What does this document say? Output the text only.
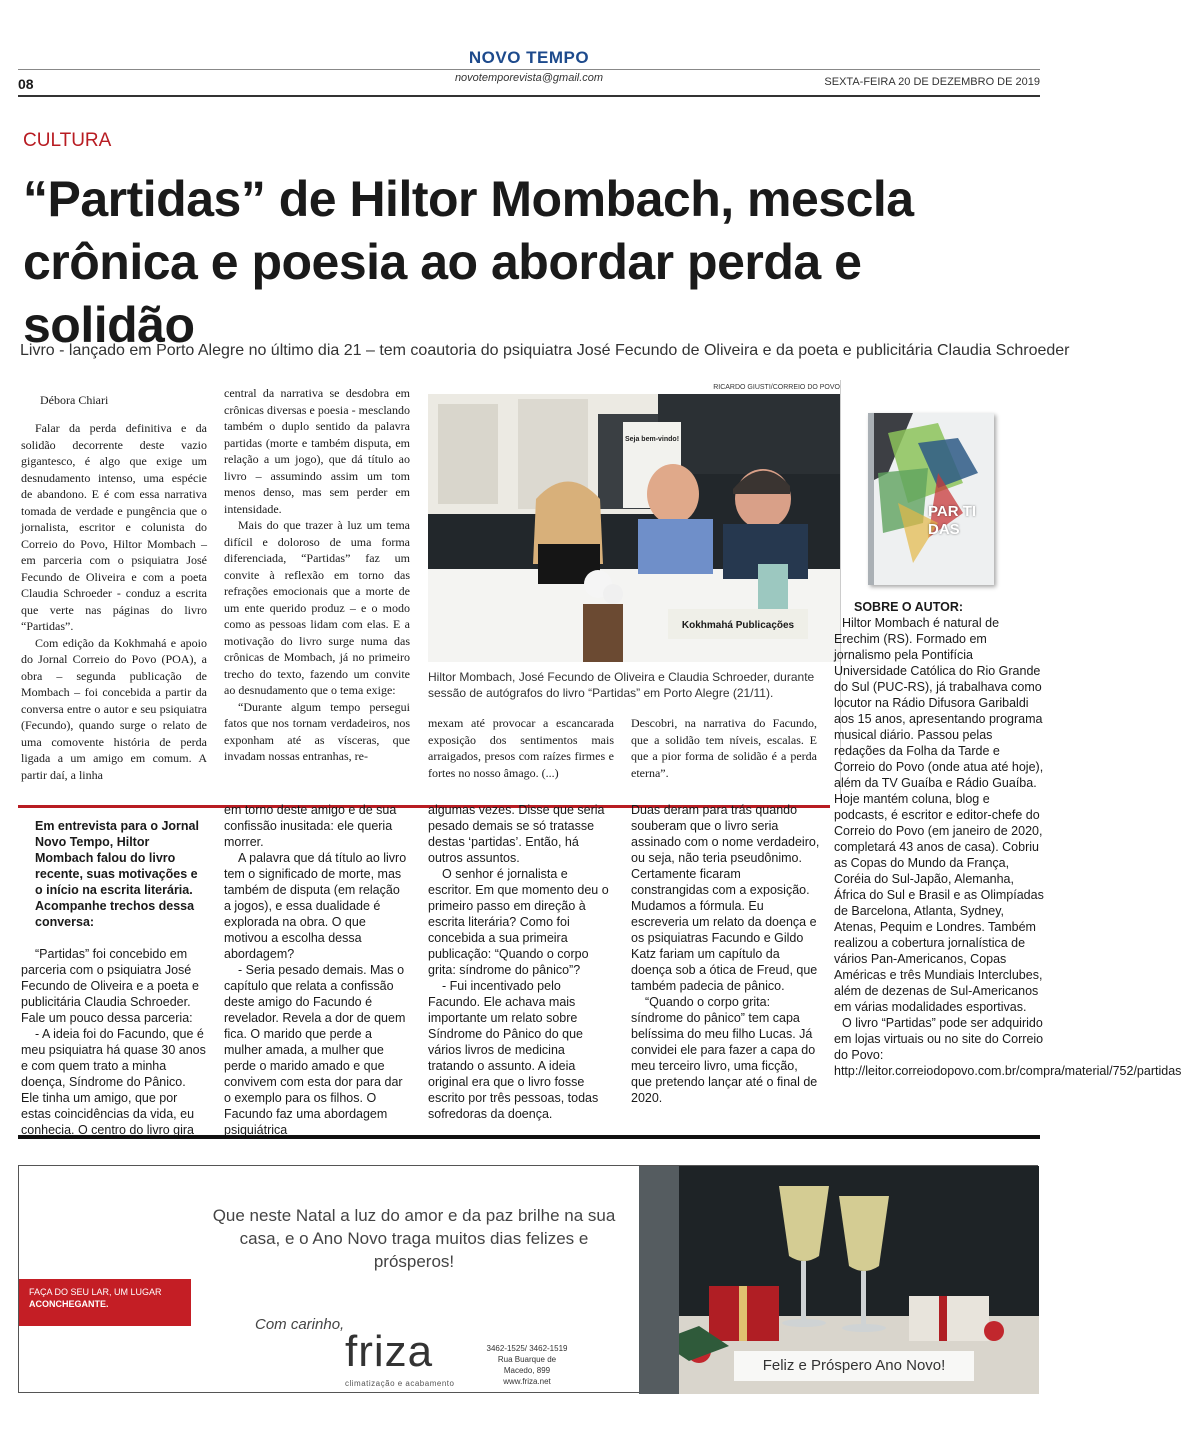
NOVO TEMPO
novotemporevista@gmail.com
08	SEXTA-FEIRA 20 DE DEZEMBRO DE 2019
CULTURA
“Partidas” de Hiltor Mombach, mescla crônica e poesia ao abordar perda e solidão
Livro - lançado em Porto Alegre no último dia 21 – tem coautoria do psiquiatra José Fecundo de Oliveira e da poeta e publicitária Claudia Schroeder
Débora Chiari

Falar da perda definitiva e da solidão decorrente deste vazio gigantesco, é algo que exige um desnudamento intenso, uma espécie de abandono. E é com essa narrativa tomada de verdade e pungência que o jornalista, escritor e colunista do Correio do Povo, Hiltor Mombach – em parceria com o psiquiatra José Fecundo de Oliveira e com a poeta Claudia Schroeder - conduz a escrita que verte nas páginas do livro “Partidas”.

Com edição da Kokhmahá e apoio do Jornal Correio do Povo (POA), a obra – segunda publicação de Mombach – foi concebida a partir da conversa entre o autor e seu psiquiatra (Fecundo), quando surge o relato de uma comovente história de perda ligada a um amigo em comum. A partir daí, a linha

central da narrativa se desdobra em crônicas diversas e poesia - mesclando também o duplo sentido da palavra partidas (morte e também disputa, em relação a um jogo), que dá título ao livro – assumindo assim um tom menos denso, mas sem perder em intensidade.

Mais do que trazer à luz um tema difícil e doloroso de uma forma diferenciada, “Partidas” faz um convite à reflexão em torno das refrações emocionais que a morte de um ente querido produz – e o modo como as pessoas lidam com elas. E a motivação do livro surge numa das crônicas de Mombach, já no primeiro trecho do texto, fazendo um convite ao desnudamento que o tema exige:

“Durante algum tempo persegui fatos que nos tornam verdadeiros, nos exponham até as vísceras, que invadam nossas entranhas, re-

RICARDO GIUSTI/CORREIO DO POVO
Seja bem-vindo!
Kokhmahá Publicações
Hiltor Mombach, José Fecundo de Oliveira e Claudia Schroeder, durante sessão de autógrafos do livro “Partidas” em Porto Alegre (21/11).

mexam até provocar a escancarada exposição dos sentimentos mais arraigados, presos com raízes firmes e fortes no nosso âmago. (...)

Descobri, na narrativa do Facundo, que a solidão tem níveis, escalas. E que a pior forma de solidão é a perda eterna”.

PAR TI DAS
SOBRE O AUTOR:

Hiltor Mombach é natural de Erechim (RS). Formado em jornalismo pela Pontifícia Universidade Católica do Rio Grande do Sul (PUC-RS), já trabalhava como locutor na Rádio Difusora Garibaldi aos 15 anos, apresentando programa musical diário. Passou pelas redações da Folha da Tarde e Correio do Povo (onde atua até hoje), além da TV Guaíba e Rádio Guaíba. Hoje mantém coluna, blog e podcasts, é escritor e editor-chefe do Correio do Povo (em janeiro de 2020, completará 43 anos de casa). Cobriu as Copas do Mundo da França, Coréia do Sul-Japão, Alemanha, África do Sul e Brasil e as Olimpíadas de Barcelona, Atlanta, Sydney, Atenas, Pequim e Londres. Também realizou a cobertura jornalística de vários Pan-Americanos, Copas Américas e três Mundiais Interclubes, além de dezenas de Sul-Americanos em várias modalidades esportivas.

O livro “Partidas” pode ser adquirido em lojas virtuais ou no site do Correio do Povo: http://leitor.correiodopovo.com.br/compra/material/752/partidas

Em entrevista para o Jornal Novo Tempo, Hiltor Mombach falou do livro recente, suas motivações e o início na escrita literária. Acompanhe trechos dessa conversa:

“Partidas” foi concebido em parceria com o psiquiatra José Fecundo de Oliveira e a poeta e publicitária Claudia Schroeder. Fale um pouco dessa parceria:

- A ideia foi do Facundo, que é meu psiquiatra há quase 30 anos e com quem trato a minha doença, Síndrome do Pânico. Ele tinha um amigo, que por estas coincidências da vida, eu conhecia. O centro do livro gira

em torno deste amigo e de sua confissão inusitada: ele queria morrer.

A palavra que dá título ao livro tem o significado de morte, mas também de disputa (em relação a jogos), e essa dualidade é explorada na obra. O que motivou a escolha dessa abordagem?

- Seria pesado demais. Mas o capítulo que relata a confissão deste amigo do Facundo é revelador. Revela a dor de quem fica. O marido que perde a mulher amada, a mulher que perde o marido amado e que convivem com esta dor para dar o exemplo para os filhos. O Facundo faz uma abordagem psiquiátrica

algumas vezes. Disse que seria pesado demais se só tratasse destas ‘partidas’. Então, há outros assuntos.

O senhor é jornalista e escritor. Em que momento deu o primeiro passo em direção à escrita literária? Como foi concebida a sua primeira publicação: “Quando o corpo grita: síndrome do pânico”?

- Fui incentivado pelo Facundo. Ele achava mais importante um relato sobre Síndrome do Pânico do que vários livros de medicina tratando o assunto. A ideia original era que o livro fosse escrito por três pessoas, todas sofredoras da doença.

Duas deram para trás quando souberam que o livro seria assinado com o nome verdadeiro, ou seja, não teria pseudônimo. Certamente ficaram constrangidas com a exposição. Mudamos a fórmula. Eu escreveria um relato da doença e os psiquiatras Facundo e Gildo Katz fariam um capítulo da doença sob a ótica de Freud, que também padecia de pânico.

“Quando o corpo grita: síndrome do pânico” tem capa belíssima do meu filho Lucas. Já convidei ele para fazer a capa do meu terceiro livro, uma ficção, que pretendo lançar até o final de 2020.

Que neste Natal a luz do amor e da paz brilhe na sua casa, e o Ano Novo traga muitos dias felizes e prósperos!
FAÇA DO SEU LAR, UM LUGAR
ACONCHEGANTE.
Com carinho,
friza
climatização e acabamento
3462-1525/ 3462-1519
Rua Buarque de Macedo, 899
www.friza.net
Feliz e Próspero Ano Novo!
